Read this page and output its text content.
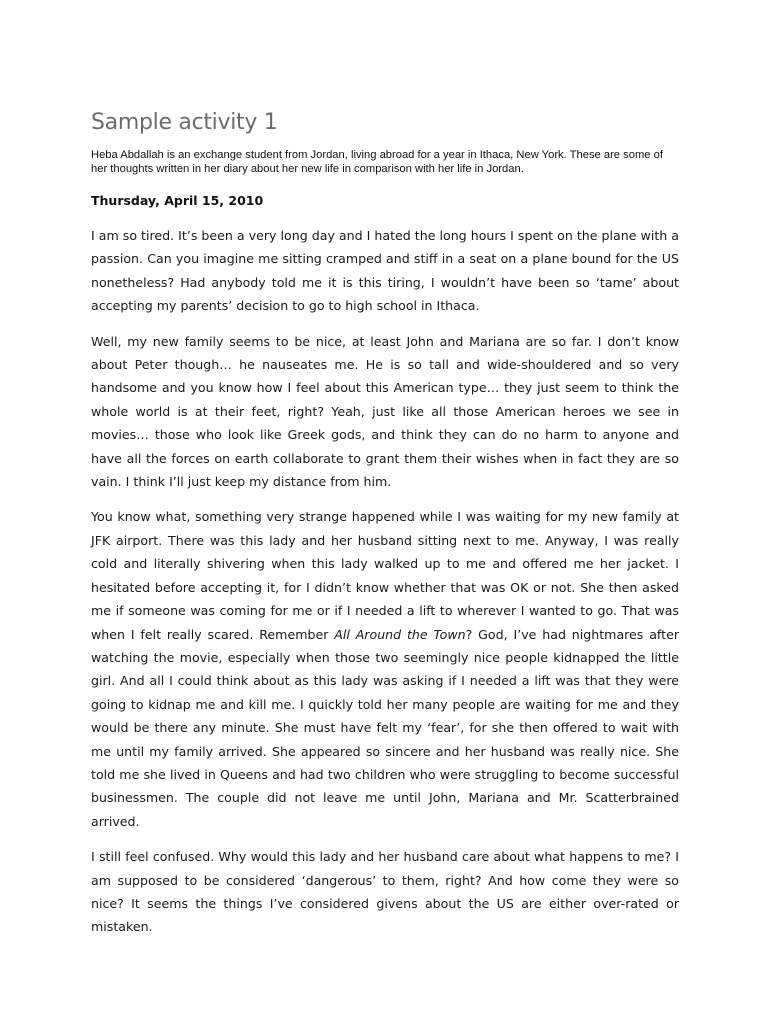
Sample activity 1

Heba Abdallah is an exchange student from Jordan, living abroad for a year in Ithaca, New York. These are some of her thoughts written in her diary about her new life in comparison with her life in Jordan.

Thursday, April 15, 2010

I am so tired. It’s been a very long day and I hated the long hours I spent on the plane with a passion. Can you imagine me sitting cramped and stiff in a seat on a plane bound for the US nonetheless? Had anybody told me it is this tiring, I wouldn’t have been so ‘tame’ about accepting my parents’ decision to go to high school in Ithaca.

Well, my new family seems to be nice, at least John and Mariana are so far. I don’t know about Peter though… he nauseates me. He is so tall and wide-shouldered and so very handsome and you know how I feel about this American type… they just seem to think the whole world is at their feet, right? Yeah, just like all those American heroes we see in movies… those who look like Greek gods, and think they can do no harm to anyone and have all the forces on earth collaborate to grant them their wishes when in fact they are so vain. I think I’ll just keep my distance from him.

You know what, something very strange happened while I was waiting for my new family at JFK airport. There was this lady and her husband sitting next to me. Anyway, I was really cold and literally shivering when this lady walked up to me and offered me her jacket. I hesitated before accepting it, for I didn’t know whether that was OK or not. She then asked me if someone was coming for me or if I needed a lift to wherever I wanted to go. That was when I felt really scared. Remember All Around the Town? God, I’ve had nightmares after watching the movie, especially when those two seemingly nice people kidnapped the little girl. And all I could think about as this lady was asking if I needed a lift was that they were going to kidnap me and kill me. I quickly told her many people are waiting for me and they would be there any minute. She must have felt my ‘fear’, for she then offered to wait with me until my family arrived. She appeared so sincere and her husband was really nice. She told me she lived in Queens and had two children who were struggling to become successful businessmen. The couple did not leave me until John, Mariana and Mr. Scatterbrained arrived.

I still feel confused. Why would this lady and her husband care about what happens to me? I am supposed to be considered ‘dangerous’ to them, right? And how come they were so nice? It seems the things I’ve considered givens about the US are either over-rated or mistaken.
